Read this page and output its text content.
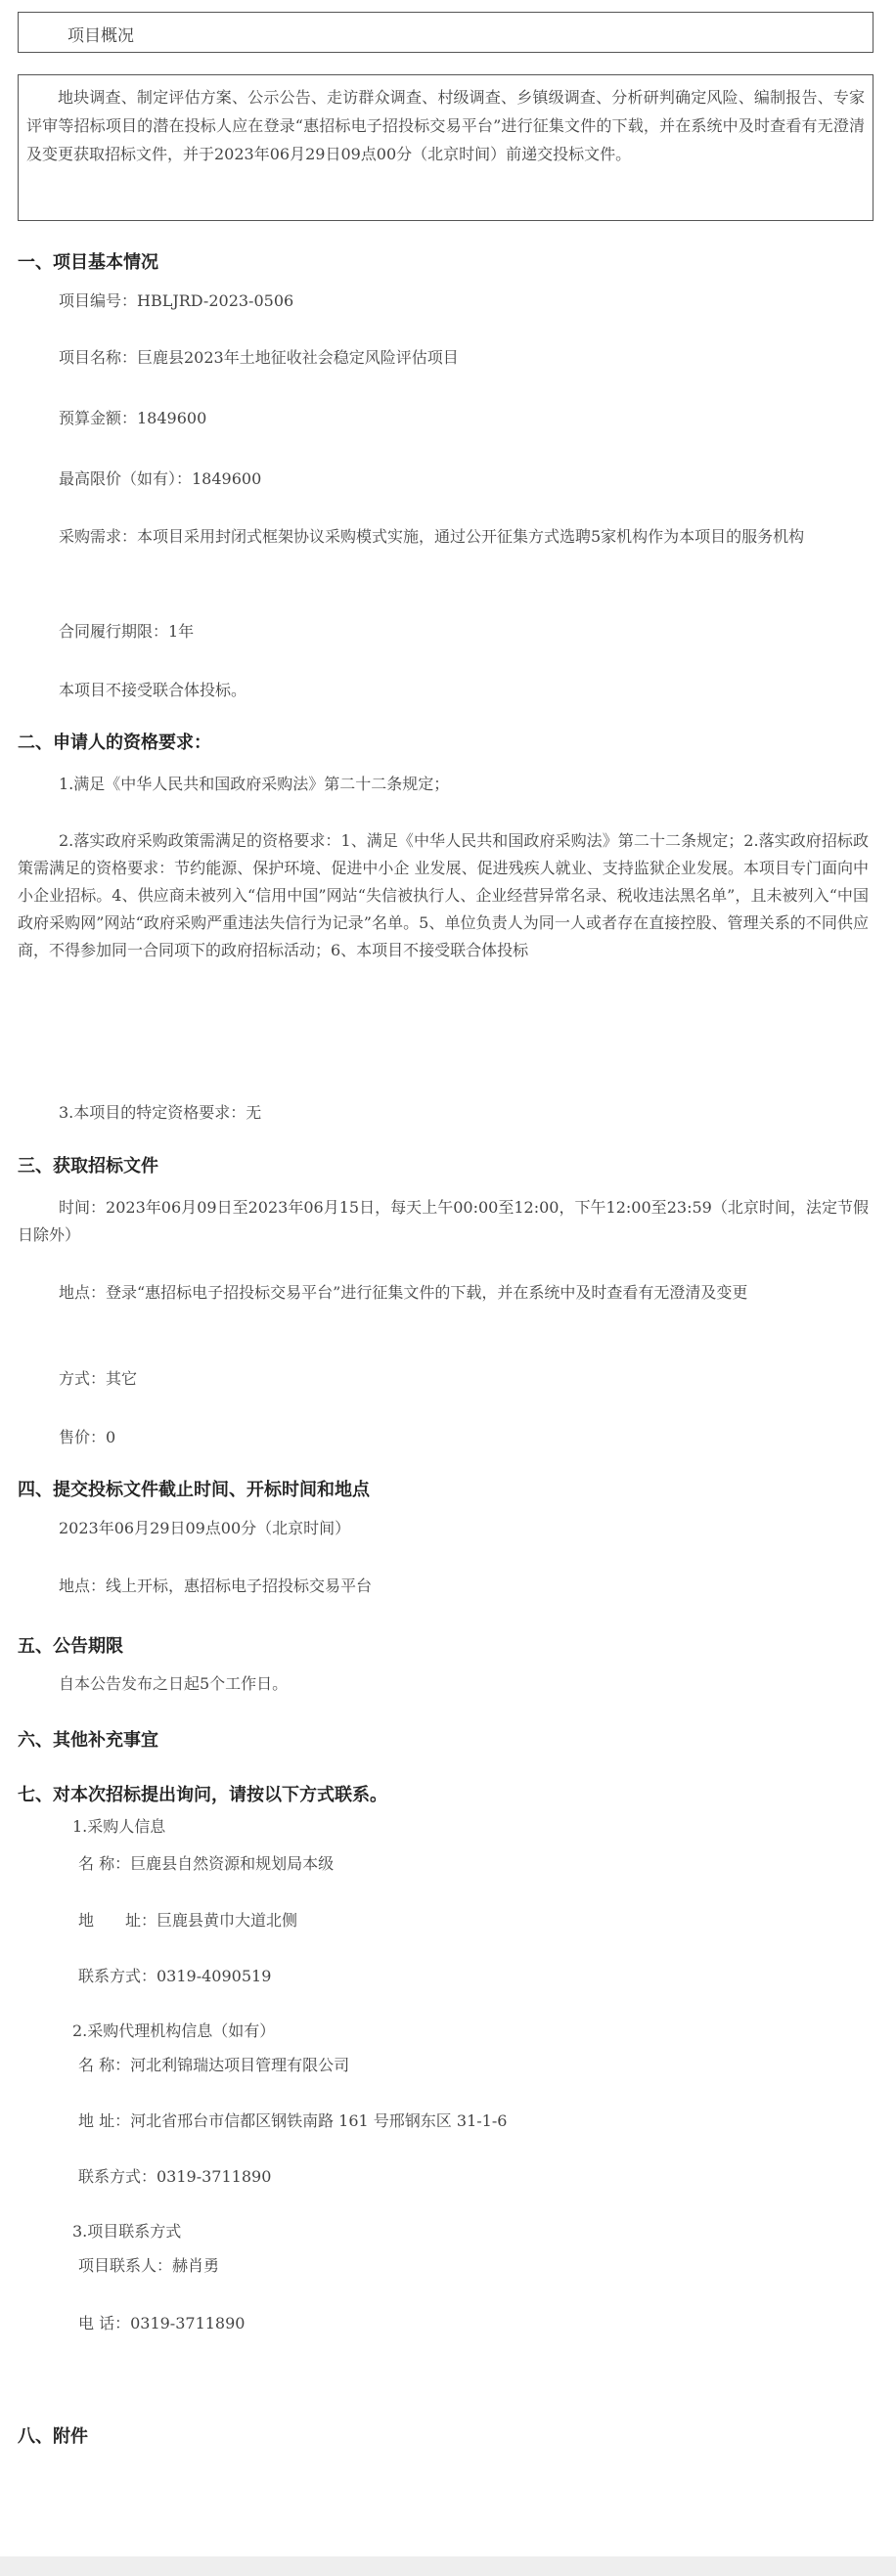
项目概况
地块调查、制定评估方案、公示公告、走访群众调查、村级调查、乡镇级调查、分析研判确定风险、编制报告、专家评审等招标项目的潜在投标人应在登录“惠招标电子招投标交易平台”进行征集文件的下载，并在系统中及时查看有无澄清及变更获取招标文件，并于2023年06月29日09点00分（北京时间）前递交投标文件。
一、项目基本情况
项目编号：HBLJRD-2023-0506
项目名称：巨鹿县2023年土地征收社会稳定风险评估项目
预算金额：1849600
最高限价（如有）：1849600
采购需求：本项目采用封闭式框架协议采购模式实施，通过公开征集方式选聘5家机构作为本项目的服务机构
合同履行期限：1年
本项目不接受联合体投标。
二、申请人的资格要求：
1.满足《中华人民共和国政府采购法》第二十二条规定；
2.落实政府采购政策需满足的资格要求：1、满足《中华人民共和国政府采购法》第二十二条规定；2.落实政府招标政策需满足的资格要求：节约能源、保护环境、促进中小企 业发展、促进残疾人就业、支持监狱企业发展。本项目专门面向中小企业招标。4、供应商未被列入“信用中国”网站“失信被执行人、企业经营异常名录、税收违法黑名单”，且未被列入“中国政府采购网”网站“政府采购严重违法失信行为记录”名单。5、单位负责人为同一人或者存在直接控股、管理关系的不同供应商，不得参加同一合同项下的政府招标活动；6、本项目不接受联合体投标
3.本项目的特定资格要求：无
三、获取招标文件
时间：2023年06月09日至2023年06月15日，每天上午00:00至12:00，下午12:00至23:59（北京时间，法定节假日除外）
地点：登录“惠招标电子招投标交易平台”进行征集文件的下载，并在系统中及时查看有无澄清及变更
方式：其它
售价：0
四、提交投标文件截止时间、开标时间和地点
2023年06月29日09点00分（北京时间）
地点：线上开标，惠招标电子招投标交易平台
五、公告期限
自本公告发布之日起5个工作日。
六、其他补充事宜
七、对本次招标提出询问，请按以下方式联系。
1.采购人信息
名 称：巨鹿县自然资源和规划局本级
地　　址：巨鹿县黄巾大道北侧
联系方式：0319-4090519
2.采购代理机构信息（如有）
名 称：河北利锦瑞达项目管理有限公司
地 址：河北省邢台市信都区钢铁南路 161 号邢钢东区 31-1-6
联系方式：0319-3711890
3.项目联系方式
项目联系人：赫肖勇
电 话：0319-3711890
八、附件
